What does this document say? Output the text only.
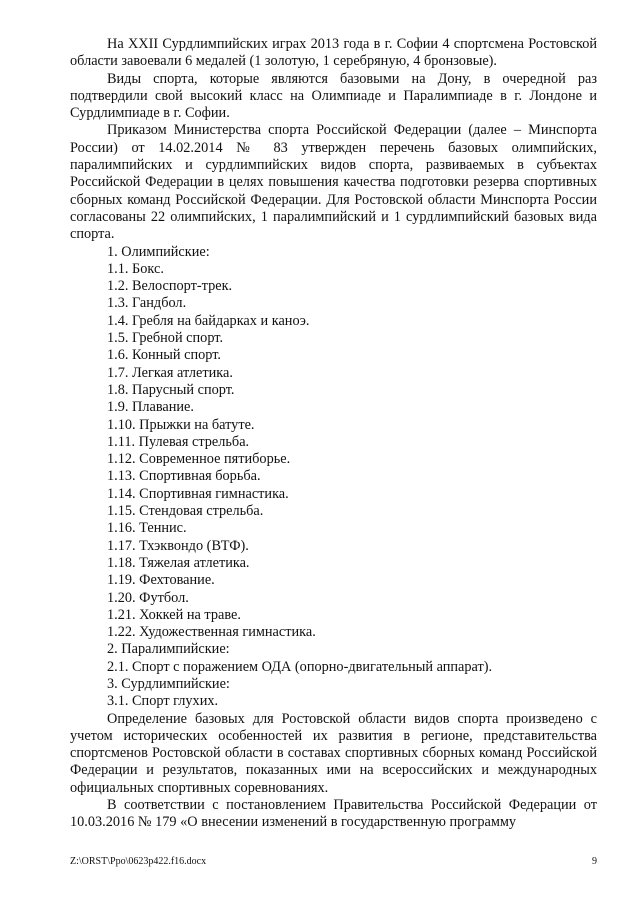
На XXII Сурдлимпийских играх 2013 года в г. Софии 4 спортсмена Ростовской области завоевали 6 медалей (1 золотую, 1 серебряную, 4 бронзовые).

Виды спорта, которые являются базовыми на Дону, в очередной раз подтвердили свой высокий класс на Олимпиаде и Паралимпиаде в г. Лондоне и Сурдлимпиаде в г. Софии.

Приказом Министерства спорта Российской Федерации (далее – Минспорта России) от 14.02.2014 № 83 утвержден перечень базовых олимпийских, паралимпийских и сурдлимпийских видов спорта, развиваемых в субъектах Российской Федерации в целях повышения качества подготовки резерва спортивных сборных команд Российской Федерации. Для Ростовской области Минспорта России согласованы 22 олимпийских, 1 паралимпийский и 1 сурдлимпийский базовых вида спорта.

1. Олимпийские:
1.1. Бокс.
1.2. Велоспорт-трек.
1.3. Гандбол.
1.4. Гребля на байдарках и каноэ.
1.5. Гребной спорт.
1.6. Конный спорт.
1.7. Легкая атлетика.
1.8. Парусный спорт.
1.9. Плавание.
1.10. Прыжки на батуте.
1.11. Пулевая стрельба.
1.12. Современное пятиборье.
1.13. Спортивная борьба.
1.14. Спортивная гимнастика.
1.15. Стендовая стрельба.
1.16. Теннис.
1.17. Тхэквондо (ВТФ).
1.18. Тяжелая атлетика.
1.19. Фехтование.
1.20. Футбол.
1.21. Хоккей на траве.
1.22. Художественная гимнастика.
2. Паралимпийские:
2.1. Спорт с поражением ОДА (опорно-двигательный аппарат).
3. Сурдлимпийские:
3.1. Спорт глухих.

Определение базовых для Ростовской области видов спорта произведено с учетом исторических особенностей их развития в регионе, представительства спортсменов Ростовской области в составах спортивных сборных команд Российской Федерации и результатов, показанных ими на всероссийских и международных официальных спортивных соревнованиях.

В соответствии с постановлением Правительства Российской Федерации от 10.03.2016 № 179 «О внесении изменений в государственную программу

Z:\ORST\Ppo\0623p422.f16.docx	9
